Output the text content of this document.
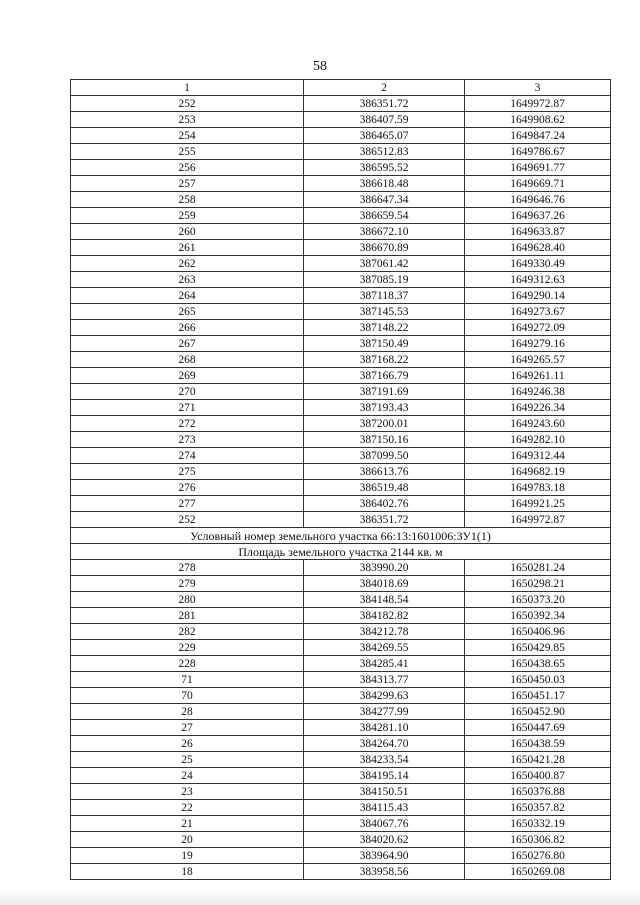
58
1	2	3
252	386351.72	1649972.87
253	386407.59	1649908.62
254	386465.07	1649847.24
255	386512.83	1649786.67
256	386595.52	1649691.77
257	386618.48	1649669.71
258	386647.34	1649646.76
259	386659.54	1649637.26
260	386672.10	1649633.87
261	386670.89	1649628.40
262	387061.42	1649330.49
263	387085.19	1649312.63
264	387118.37	1649290.14
265	387145.53	1649273.67
266	387148.22	1649272.09
267	387150.49	1649279.16
268	387168.22	1649265.57
269	387166.79	1649261.11
270	387191.69	1649246.38
271	387193.43	1649226.34
272	387200.01	1649243.60
273	387150.16	1649282.10
274	387099.50	1649312.44
275	386613.76	1649682.19
276	386519.48	1649783.18
277	386402.76	1649921.25
252	386351.72	1649972.87
Условный номер земельного участка 66:13:1601006:ЗУ1(1)		
Площадь земельного участка 2144 кв. м		
278	383990.20	1650281.24
279	384018.69	1650298.21
280	384148.54	1650373.20
281	384182.82	1650392.34
282	384212.78	1650406.96
229	384269.55	1650429.85
228	384285.41	1650438.65
71	384313.77	1650450.03
70	384299.63	1650451.17
28	384277.99	1650452.90
27	384281.10	1650447.69
26	384264.70	1650438.59
25	384233.54	1650421.28
24	384195.14	1650400.87
23	384150.51	1650376.88
22	384115.43	1650357.82
21	384067.76	1650332.19
20	384020.62	1650306.82
19	383964.90	1650276.80
18	383958.56	1650269.08
